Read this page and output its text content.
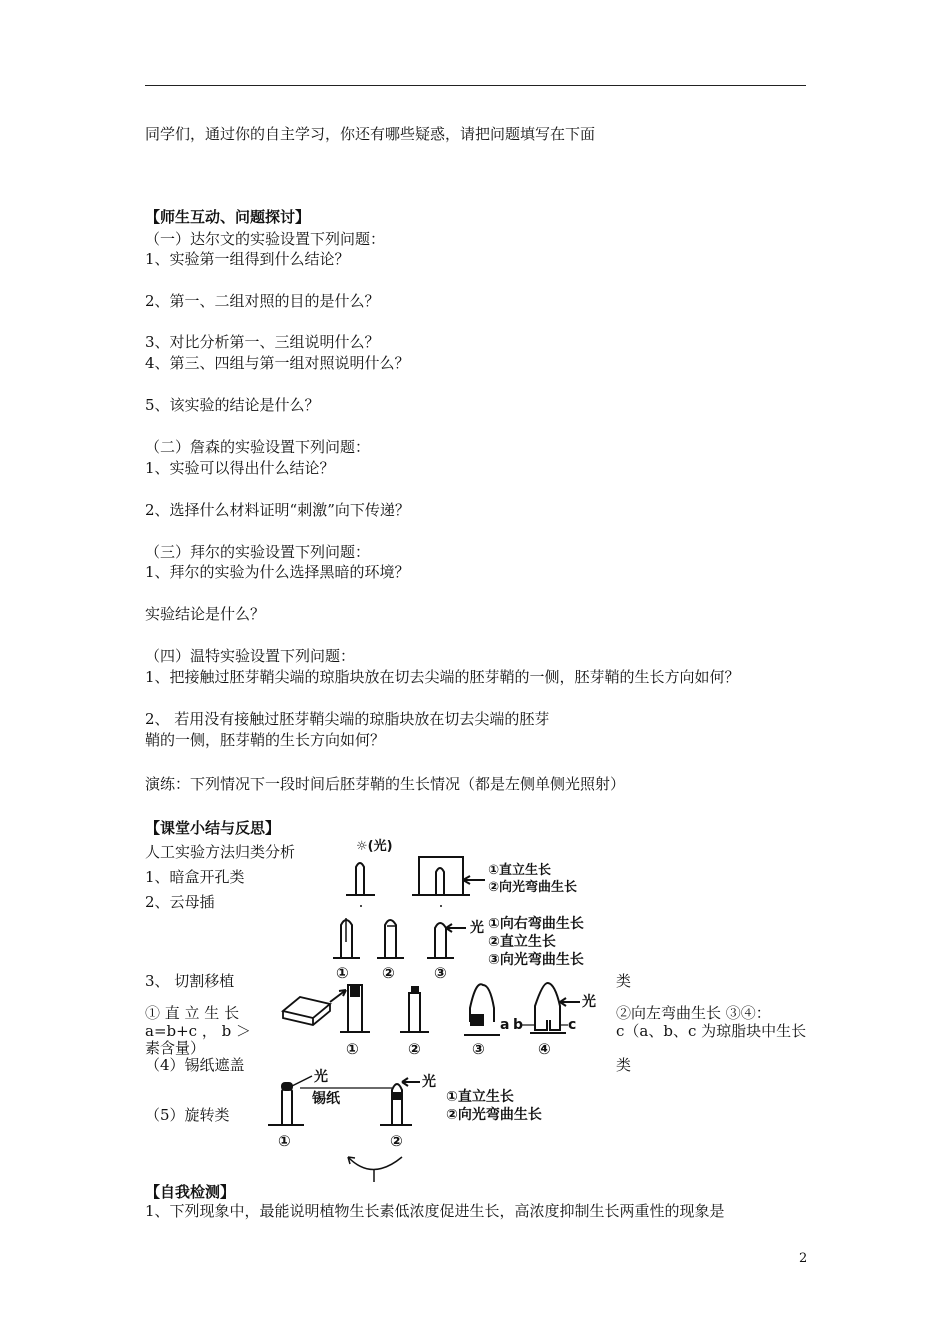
同学们，通过你的自主学习，你还有哪些疑惑，请把问题填写在下面
【师生互动、问题探讨】
（一）达尔文的实验设置下列问题：
1、实验第一组得到什么结论？
2、第一、二组对照的目的是什么？
3、对比分析第一、三组说明什么？
4、第三、四组与第一组对照说明什么？
5、该实验的结论是什么？
（二）詹森的实验设置下列问题：
1、实验可以得出什么结论？
2、选择什么材料证明“刺激”向下传递？
（三）拜尔的实验设置下列问题：
1、拜尔的实验为什么选择黑暗的环境？
实验结论是什么？
（四）温特实验设置下列问题：
1、把接触过胚芽鞘尖端的琼脂块放在切去尖端的胚芽鞘的一侧，胚芽鞘的生长方向如何？
2、 若用没有接触过胚芽鞘尖端的琼脂块放在切去尖端的胚芽
鞘的一侧，胚芽鞘的生长方向如何？
演练：下列情况下一段时间后胚芽鞘的生长情况（都是左侧单侧光照射）
【课堂小结与反思】
人工实验方法归类分析
1、暗盒开孔类
2、云母插
3、 切割移植	类
① 直 立 生 长
a=b+c ， b ＞
素含量）
②向左弯曲生长 ③④：
c（a、b、c 为琼脂块中生长
（4）锡纸遮盖	类
（5）旋转类
【自我检测】
1、下列现象中，最能说明植物生长素低浓度促进生长，高浓度抑制生长两重性的现象是
2
☼(光)
①直立生长
②向光弯曲生长
光 ①向右弯曲生长
②直立生长
③向光弯曲生长
① ②	③
光
a b	c
①	②	③	④
光
锡纸
光
①直立生长
②向光弯曲生长
①	②
